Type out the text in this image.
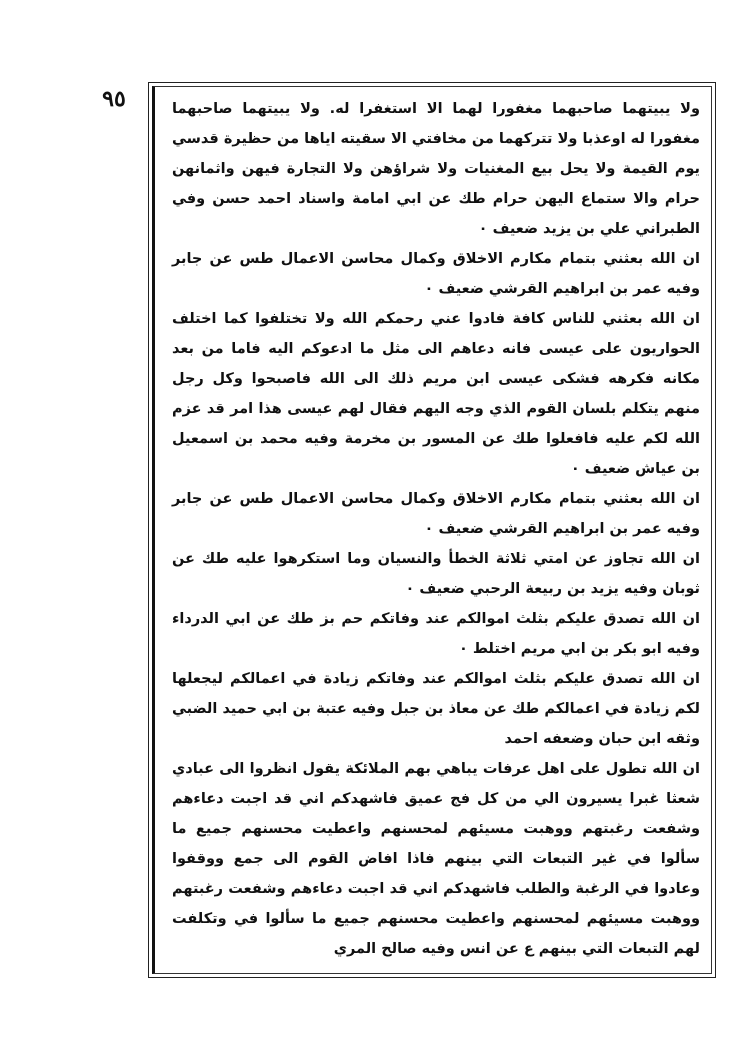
٩٥	ولا يبيتهما صاحبهما مغفورا لهما الا استغفرا له. ولا يبيتهما صاحبهما مغفورا له اوعذبا ولا تتركهما من مخافتي الا سقيته اياها من حظيرة قدسي يوم القيمة ولا يحل بيع المغنيات ولا شراؤهن ولا التجارة فيهن واثمانهن حرام والا ستماع اليهن حرام طك عن ابي امامة واسناد احمد حسن وفي الطبراني علي بن يزيد ضعيف ٠

ان الله بعثني بتمام مكارم الاخلاق وكمال محاسن الاعمال طس عن جابر وفيه عمر بن ابراهيم القرشي ضعيف ٠

ان الله بعثني للناس كافة فادوا عني رحمكم الله ولا تختلفوا كما اختلف الحواريون على عيسى فانه دعاهم الى مثل ما ادعوكم اليه فاما من بعد مكانه فكرهه فشكى عيسى ابن مريم ذلك الى الله فاصبحوا وكل رجل منهم يتكلم بلسان القوم الذي وجه اليهم فقال لهم عيسى هذا امر قد عزم الله لكم عليه فافعلوا طك عن المسور بن مخرمة وفيه محمد بن اسمعيل بن عياش ضعيف ٠

ان الله بعثني بتمام مكارم الاخلاق وكمال محاسن الاعمال طس عن جابر وفيه عمر بن ابراهيم القرشي ضعيف ٠

ان الله تجاوز عن امتي ثلاثة الخطأ والنسيان وما استكرهوا عليه طك عن ثوبان وفيه يزيد بن ربيعة الرحبي ضعيف ٠

ان الله تصدق عليكم بثلث اموالكم عند وفاتكم حم بز طك عن ابي الدرداء وفيه ابو بكر بن ابي مريم اختلط ٠

ان الله تصدق عليكم بثلث اموالكم عند وفاتكم زيادة في اعمالكم ليجعلها لكم زيادة في اعمالكم طك عن معاذ بن جبل وفيه عتبة بن ابي حميد الضبي وثقه ابن حبان وضعفه احمد

ان الله تطول على اهل عرفات يباهي بهم الملائكة يقول انظروا الى عبادي شعثا غبرا يسيرون الي من كل فج عميق فاشهدكم اني قد اجبت دعاءهم وشفعت رغبتهم ووهبت مسيئهم لمحسنهم واعطيت محسنهم جميع ما سألوا في غير التبعات التي بينهم فاذا افاض القوم الى جمع ووقفوا وعادوا في الرغبة والطلب فاشهدكم اني قد اجبت دعاءهم وشفعت رغبتهم ووهبت مسيئهم لمحسنهم واعطيت محسنهم جميع ما سألوا في وتكلفت لهم التبعات التي بينهم ع عن انس وفيه صالح المري
